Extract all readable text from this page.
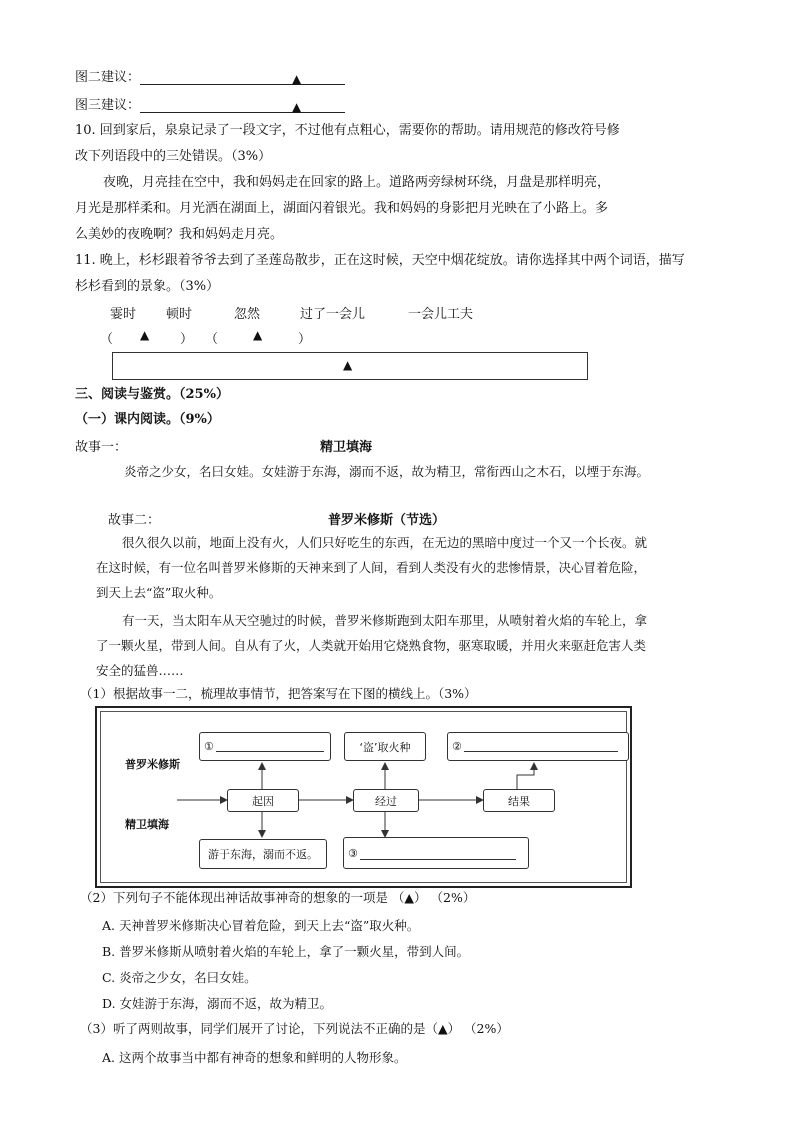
图二建议：	▲
图三建议：	▲
10. 回到家后，泉泉记录了一段文字，不过他有点粗心，需要你的帮助。请用规范的修改符号修
改下列语段中的三处错误。（3%）
夜晚，月亮挂在空中，我和妈妈走在回家的路上。道路两旁绿树环绕，月盘是那样明亮，
月光是那样柔和。月光洒在湖面上，湖面闪着银光。我和妈妈的身影把月光映在了小路上。多
么美妙的夜晚啊？我和妈妈走月亮。
11. 晚上，杉杉跟着爷爷去到了圣莲岛散步，正在这时候，天空中烟花绽放。请你选择其中两个词语，描写
杉杉看到的景象。（3%）
霎时 顿时	忽然	过了一会儿	一会儿工夫
（ ▲ ） （	▲	）
▲
三、阅读与鉴赏。（25%）
（一）课内阅读。（9%）
故事一：	精卫填海
炎帝之少女，名曰女娃。女娃游于东海，溺而不返，故为精卫，常衔西山之木石，以堙于东海。
故事二：	普罗米修斯（节选）
很久很久以前，地面上没有火，人们只好吃生的东西，在无边的黑暗中度过一个又一个长夜。就
在这时候，有一位名叫普罗米修斯的天神来到了人间，看到人类没有火的悲惨情景，决心冒着危险，
到天上去“盗”取火种。
有一天，当太阳车从天空驰过的时候，普罗米修斯跑到太阳车那里，从喷射着火焰的车轮上，拿
了一颗火星，带到人间。自从有了火，人类就开始用它烧熟食物，驱寒取暖，并用火来驱赶危害人类
安全的猛兽……
（1）根据故事一二，梳理故事情节，把答案写在下图的横线上。（3%）
普罗米修斯
精卫填海
①	‘盗’取火种	②
起因	经过	结果
游于东海，溺而不返。	③
（2）下列句子不能体现出神话故事神奇的想象的一项是 （▲） （2%）
A. 天神普罗米修斯决心冒着危险，到天上去“盗”取火种。
B. 普罗米修斯从喷射着火焰的车轮上，拿了一颗火星，带到人间。
C. 炎帝之少女，名曰女娃。
D. 女娃游于东海，溺而不返，故为精卫。
（3）听了两则故事，同学们展开了讨论，下列说法不正确的是（▲） （2%）
A. 这两个故事当中都有神奇的想象和鲜明的人物形象。
